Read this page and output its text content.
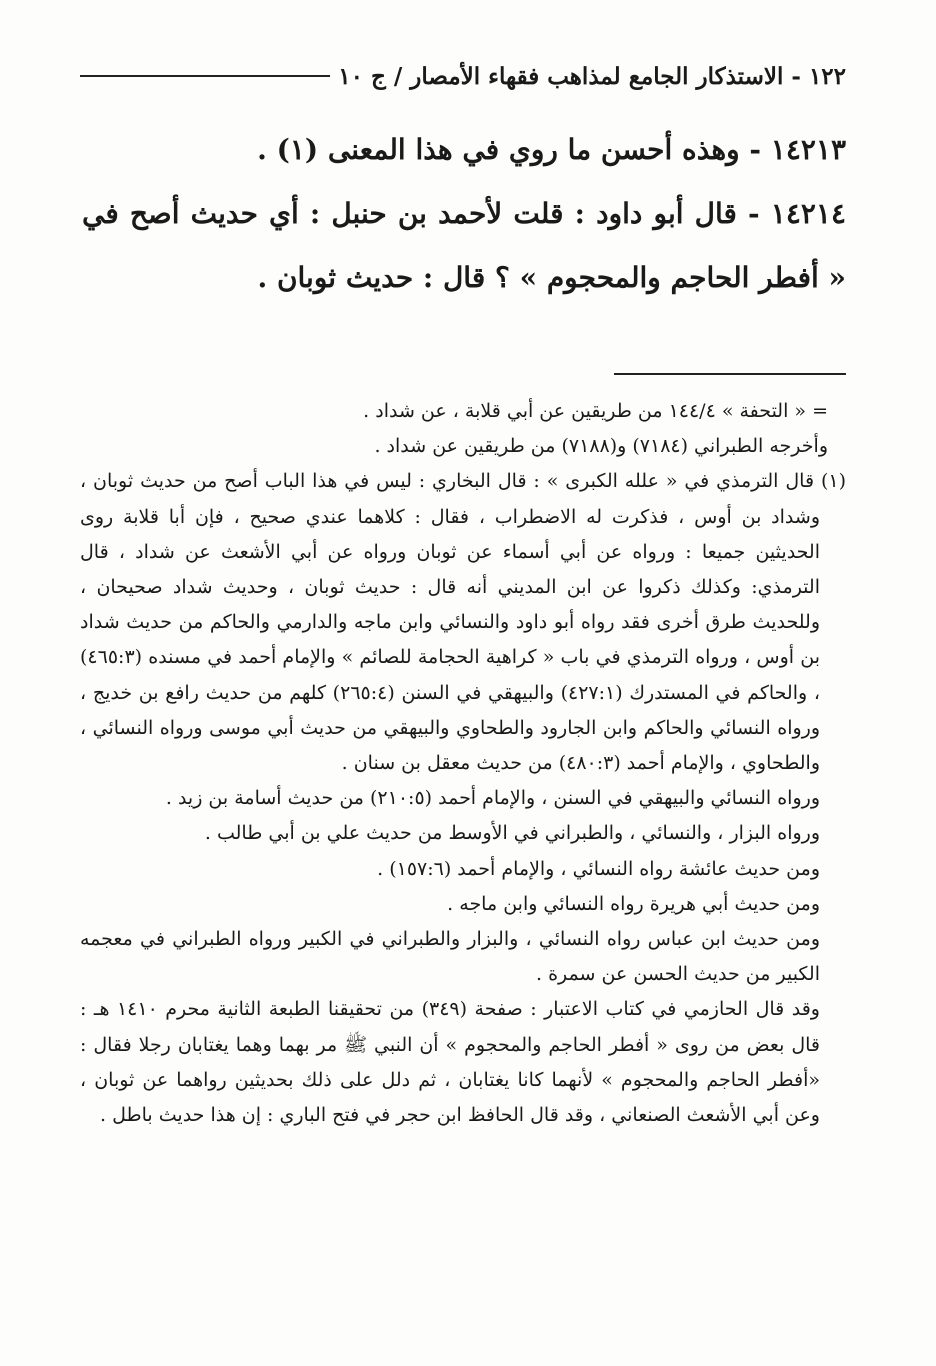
١٢٢ - الاستذكار الجامع لمذاهب فقهاء الأمصار / ج ١٠

١٤٢١٣ - وهذه أحسن ما روي في هذا المعنى (١) .

١٤٢١٤ - قال أبو داود : قلت لأحمد بن حنبل : أي حديث أصح في « أفطر الحاجم والمحجوم » ؟ قال : حديث ثوبان .

= « التحفة » ١٤٤/٤ من طريقين عن أبي قلابة ، عن شداد .

وأخرجه الطبراني (٧١٨٤) و(٧١٨٨) من طريقين عن شداد .

(١) قال الترمذي في « علله الكبرى » : قال البخاري : ليس في هذا الباب أصح من حديث ثوبان ، وشداد بن أوس ، فذكرت له الاضطراب ، فقال : كلاهما عندي صحيح ، فإن أبا قلابة روى الحديثين جميعا : ورواه عن أبي أسماء عن ثوبان ورواه عن أبي الأشعث عن شداد ، قال الترمذي: وكذلك ذكروا عن ابن المديني أنه قال : حديث ثوبان ، وحديث شداد صحيحان ، وللحديث طرق أخرى فقد رواه أبو داود والنسائي وابن ماجه والدارمي والحاكم من حديث شداد بن أوس ، ورواه الترمذي في باب « كراهية الحجامة للصائم » والإمام أحمد في مسنده (٤٦٥:٣) ، والحاكم في المستدرك (٤٢٧:١) والبيهقي في السنن (٢٦٥:٤) كلهم من حديث رافع بن خديج ، ورواه النسائي والحاكم وابن الجارود والطحاوي والبيهقي من حديث أبي موسى ورواه النسائي ، والطحاوي ، والإمام أحمد (٤٨٠:٣) من حديث معقل بن سنان .

ورواه النسائي والبيهقي في السنن ، والإمام أحمد (٢١٠:٥) من حديث أسامة بن زيد .

ورواه البزار ، والنسائي ، والطبراني في الأوسط من حديث علي بن أبي طالب .

ومن حديث عائشة رواه النسائي ، والإمام أحمد (١٥٧:٦) .

ومن حديث أبي هريرة رواه النسائي وابن ماجه .

ومن حديث ابن عباس رواه النسائي ، والبزار والطبراني في الكبير ورواه الطبراني في معجمه الكبير من حديث الحسن عن سمرة .

وقد قال الحازمي في كتاب الاعتبار : صفحة (٣٤٩) من تحقيقنا الطبعة الثانية محرم ١٤١٠ هـ : قال بعض من روى « أفطر الحاجم والمحجوم » أن النبي ﷺ مر بهما وهما يغتابان رجلا فقال : «أفطر الحاجم والمحجوم » لأنهما كانا يغتابان ، ثم دلل على ذلك بحديثين رواهما عن ثوبان ، وعن أبي الأشعث الصنعاني ، وقد قال الحافظ ابن حجر في فتح الباري : إن هذا حديث باطل .
